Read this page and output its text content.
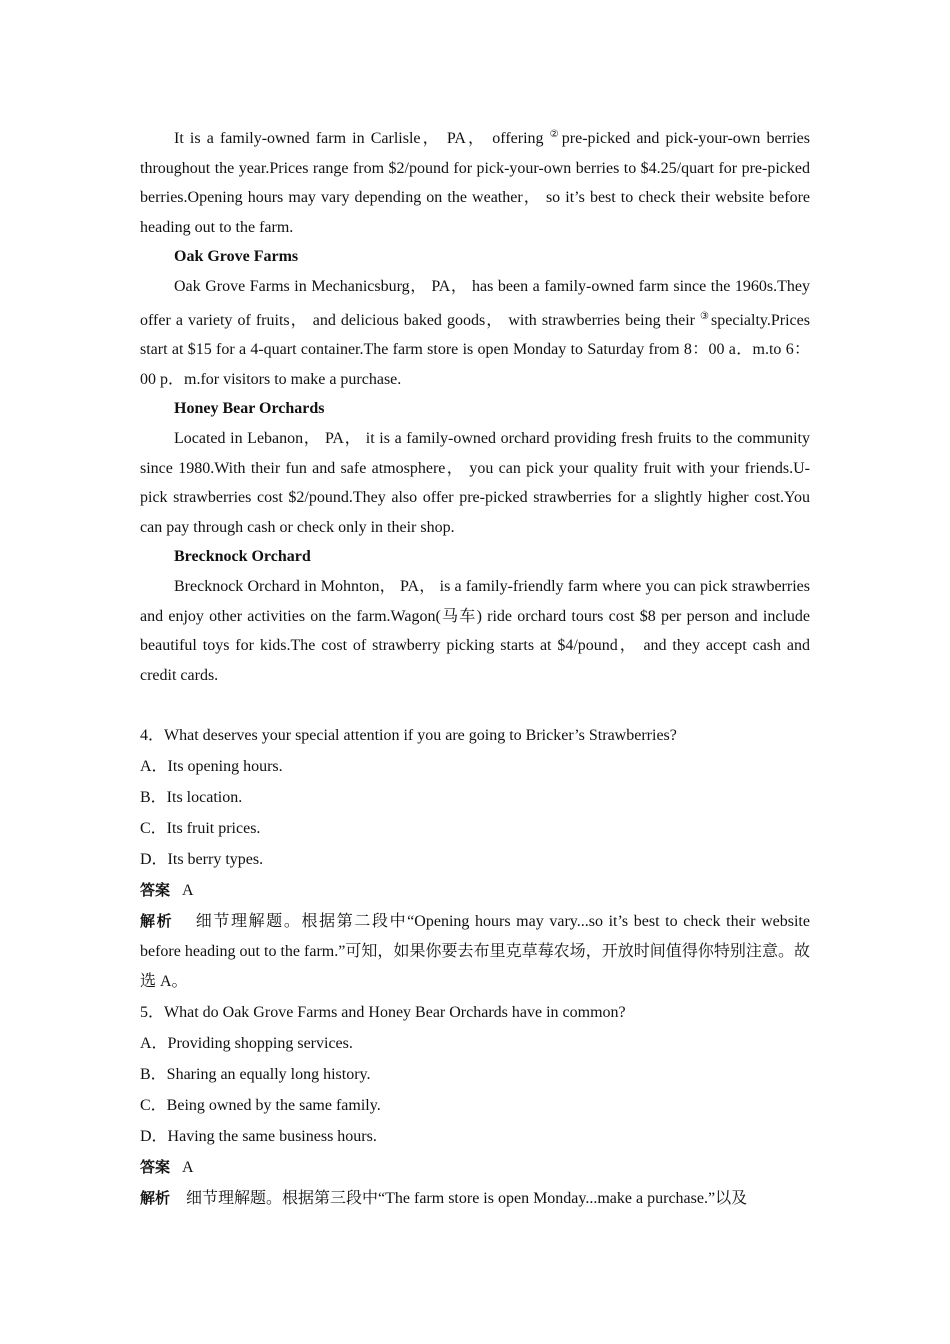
It is a family-owned farm in Carlisle， PA， offering ②pre-picked and pick-your-own berries throughout the year.Prices range from $2/pound for pick-your-own berries to $4.25/quart for pre-picked berries.Opening hours may vary depending on the weather， so it’s best to check their website before heading out to the farm.

Oak Grove Farms

Oak Grove Farms in Mechanicsburg， PA， has been a family-owned farm since the 1960s.They offer a variety of fruits， and delicious baked goods， with strawberries being their ③specialty.Prices start at $15 for a 4-quart container.The farm store is open Monday to Saturday from 8：00 a．m.to 6：00 p．m.for visitors to make a purchase.

Honey Bear Orchards

Located in Lebanon， PA， it is a family-owned orchard providing fresh fruits to the community since 1980.With their fun and safe atmosphere， you can pick your quality fruit with your friends.U-pick strawberries cost $2/pound.They also offer pre-picked strawberries for a slightly higher cost.You can pay through cash or check only in their shop.

Brecknock Orchard

Brecknock Orchard in Mohnton， PA， is a family-friendly farm where you can pick strawberries and enjoy other activities on the farm.Wagon(马车) ride orchard tours cost $8 per person and include beautiful toys for kids.The cost of strawberry picking starts at $4/pound， and they accept cash and credit cards.

4．What deserves your special attention if you are going to Bricker’s Strawberries?

A．Its opening hours.

B．Its location.

C．Its fruit prices.

D．Its berry types.

答案 A

解析 细节理解题。根据第二段中“Opening hours may vary...so it’s best to check their website before heading out to the farm.”可知，如果你要去布里克草莓农场，开放时间值得你特别注意。故选 A。

5．What do Oak Grove Farms and Honey Bear Orchards have in common?

A．Providing shopping services.

B．Sharing an equally long history.

C．Being owned by the same family.

D．Having the same business hours.

答案 A

解析 细节理解题。根据第三段中“The farm store is open Monday...make a purchase.”以及
